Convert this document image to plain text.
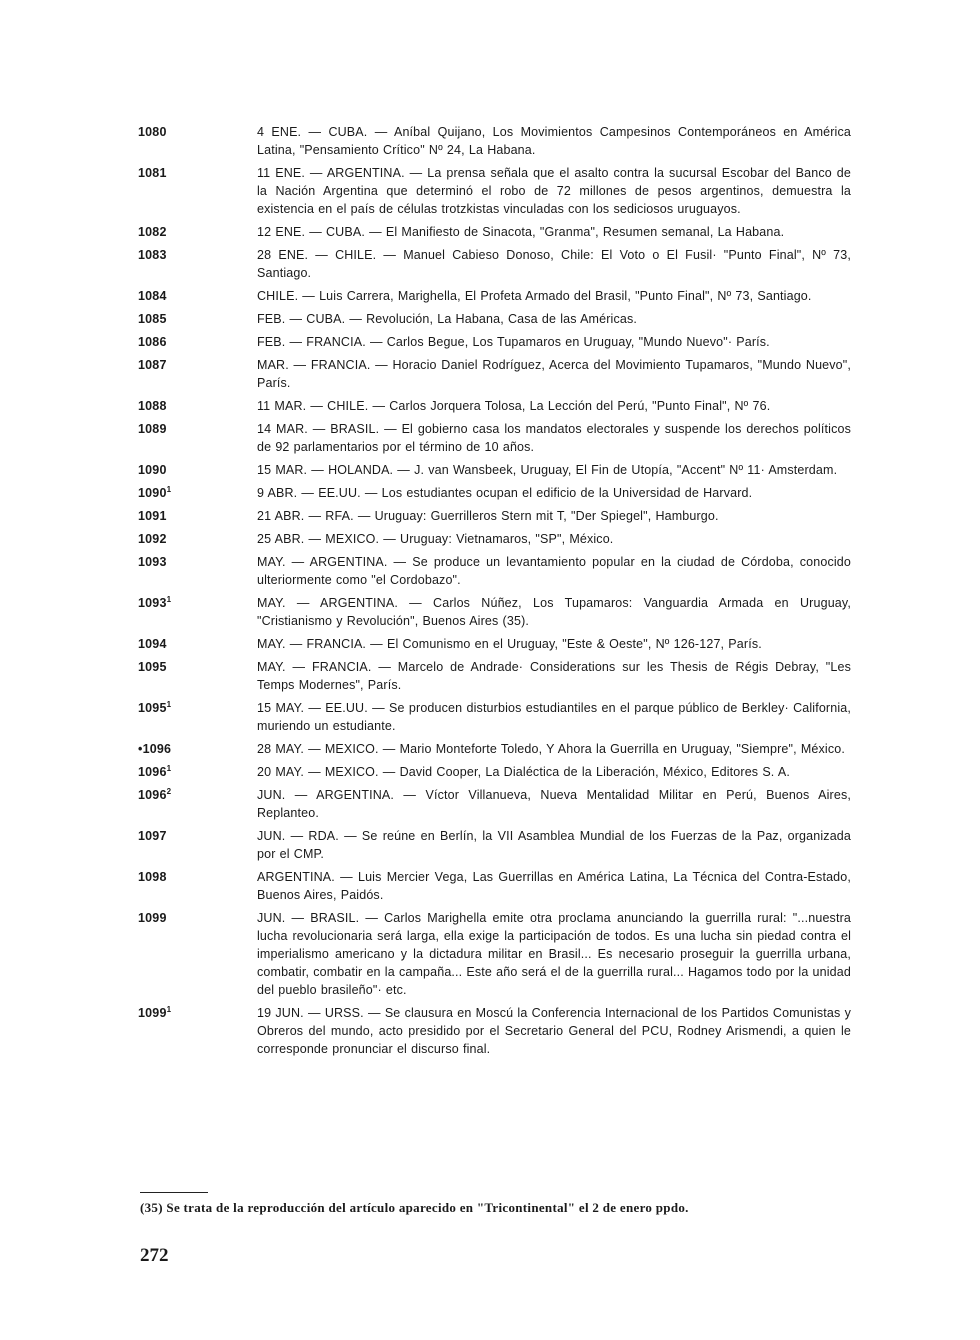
1080	4 ENE. — CUBA. — Aníbal Quijano, Los Movimientos Campesinos Contemporáneos en América Latina, "Pensamiento Crítico" Nº 24, La Habana.
1081	11 ENE. — ARGENTINA. — La prensa señala que el asalto contra la sucursal Escobar del Banco de la Nación Argentina que determinó el robo de 72 millones de pesos argentinos, demuestra la existencia en el país de células trotzkistas vinculadas con los sediciosos uruguayos.
1082	12 ENE. — CUBA. — El Manifiesto de Sinacota, "Granma", Resumen semanal, La Habana.
1083	28 ENE. — CHILE. — Manuel Cabieso Donoso, Chile: El Voto o El Fusil· "Punto Final", Nº 73, Santiago.
1084	CHILE. — Luis Carrera, Marighella, El Profeta Armado del Brasil, "Punto Final", Nº 73, Santiago.
1085	FEB. — CUBA. — Revolución, La Habana, Casa de las Américas.
1086	FEB. — FRANCIA. — Carlos Begue, Los Tupamaros en Uruguay, "Mundo Nuevo"· París.
1087	MAR. — FRANCIA. — Horacio Daniel Rodríguez, Acerca del Movimiento Tupamaros, "Mundo Nuevo", París.
1088	11 MAR. — CHILE. — Carlos Jorquera Tolosa, La Lección del Perú, "Punto Final", Nº 76.
1089	14 MAR. — BRASIL. — El gobierno casa los mandatos electorales y suspende los derechos políticos de 92 parlamentarios por el término de 10 años.
1090	15 MAR. — HOLANDA. — J. van Wansbeek, Uruguay, El Fin de Utopía, "Accent" Nº 11· Amsterdam.
1090$^1$	9 ABR. — EE.UU. — Los estudiantes ocupan el edificio de la Universidad de Harvard.
1091	21 ABR. — RFA. — Uruguay: Guerrilleros Stern mit T, "Der Spiegel", Hamburgo.
1092	25 ABR. — MEXICO. — Uruguay: Vietnamaros, "SP", México.
1093	MAY. — ARGENTINA. — Se produce un levantamiento popular en la ciudad de Córdoba, conocido ulteriormente como "el Cordobazo".
1093$^1$	MAY. — ARGENTINA. — Carlos Núñez, Los Tupamaros: Vanguardia Armada en Uruguay, "Cristianismo y Revolución", Buenos Aires (35).
1094	MAY. — FRANCIA. — El Comunismo en el Uruguay, "Este & Oeste", Nº 126-127, París.
1095	MAY. — FRANCIA. — Marcelo de Andrade· Considerations sur les Thesis de Régis Debray, "Les Temps Modernes", París.
1095$^1$	15 MAY. — EE.UU. — Se producen disturbios estudiantiles en el parque público de Berkley· California, muriendo un estudiante.
•1096	28 MAY. — MEXICO. — Mario Monteforte Toledo, Y Ahora la Guerrilla en Uruguay, "Siempre", México.
1096$^1$	20 MAY. — MEXICO. — David Cooper, La Dialéctica de la Liberación, México, Editores S. A.
1096$^2$	JUN. — ARGENTINA. — Víctor Villanueva, Nueva Mentalidad Militar en Perú, Buenos Aires, Replanteo.
1097	JUN. — RDA. — Se reúne en Berlín, la VII Asamblea Mundial de los Fuerzas de la Paz, organizada por el CMP.
1098	ARGENTINA. — Luis Mercier Vega, Las Guerrillas en América Latina, La Técnica del Contra-Estado, Buenos Aires, Paidós.
1099	JUN. — BRASIL. — Carlos Marighella emite otra proclama anunciando la guerrilla rural: "...nuestra lucha revolucionaria será larga, ella exige la participación de todos. Es una lucha sin piedad contra el imperialismo americano y la dictadura militar en Brasil... Es necesario proseguir la guerrilla urbana, combatir, combatir en la campaña... Este año será el de la guerrilla rural... Hagamos todo por la unidad del pueblo brasileño"· etc.
1099$^1$	19 JUN. — URSS. — Se clausura en Moscú la Conferencia Internacional de los Partidos Comunistas y Obreros del mundo, acto presidido por el Secretario General del PCU, Rodney Arismendi, a quien le corresponde pronunciar el discurso final.
(35) Se trata de la reproducción del artículo aparecido en "Tricontinental" el 2 de enero ppdo.
272
